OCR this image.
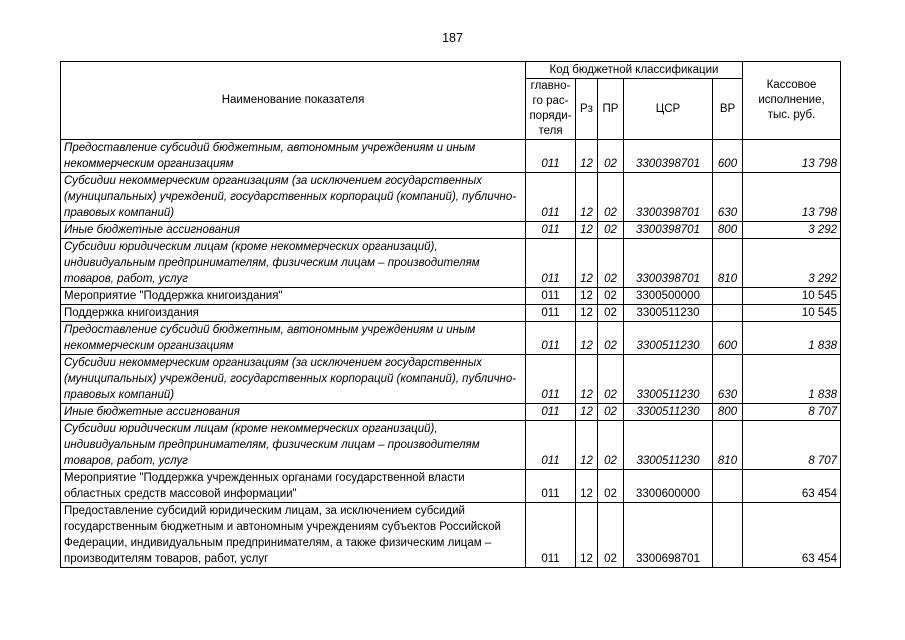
187
Наименование показателя	Код бюджетной классификации					Кассовое исполнение, тыс. руб.
	главно-го рас-поряди-теля	Рз	ПР	ЦСР	ВР	
Предоставление субсидий бюджетным, автономным учреждениям и иным некоммерческим организациям	011	12	02	3300398701	600	13 798
Субсидии некоммерческим организациям (за исключением государственных (муниципальных) учреждений, государственных корпораций (компаний), публично-правовых компаний)	011	12	02	3300398701	630	13 798
Иные бюджетные ассигнования	011	12	02	3300398701	800	3 292
Субсидии юридическим лицам (кроме некоммерческих организаций), индивидуальным предпринимателям, физическим лицам – производителям товаров, работ, услуг	011	12	02	3300398701	810	3 292
Мероприятие "Поддержка книгоиздания"	011	12	02	3300500000		10 545
Поддержка книгоиздания	011	12	02	3300511230		10 545
Предоставление субсидий бюджетным, автономным учреждениям и иным некоммерческим организациям	011	12	02	3300511230	600	1 838
Субсидии некоммерческим организациям (за исключением государственных (муниципальных) учреждений, государственных корпораций (компаний), публично-правовых компаний)	011	12	02	3300511230	630	1 838
Иные бюджетные ассигнования	011	12	02	3300511230	800	8 707
Субсидии юридическим лицам (кроме некоммерческих организаций), индивидуальным предпринимателям, физическим лицам – производителям товаров, работ, услуг	011	12	02	3300511230	810	8 707
Мероприятие "Поддержка учрежденных органами государственной власти областных средств массовой информации"	011	12	02	3300600000		63 454
Предоставление субсидий юридическим лицам, за исключением субсидий государственным бюджетным и автономным учреждениям субъектов Российской Федерации, индивидуальным предпринимателям, а также физическим лицам – производителям товаров, работ, услуг	011	12	02	3300698701		63 454
